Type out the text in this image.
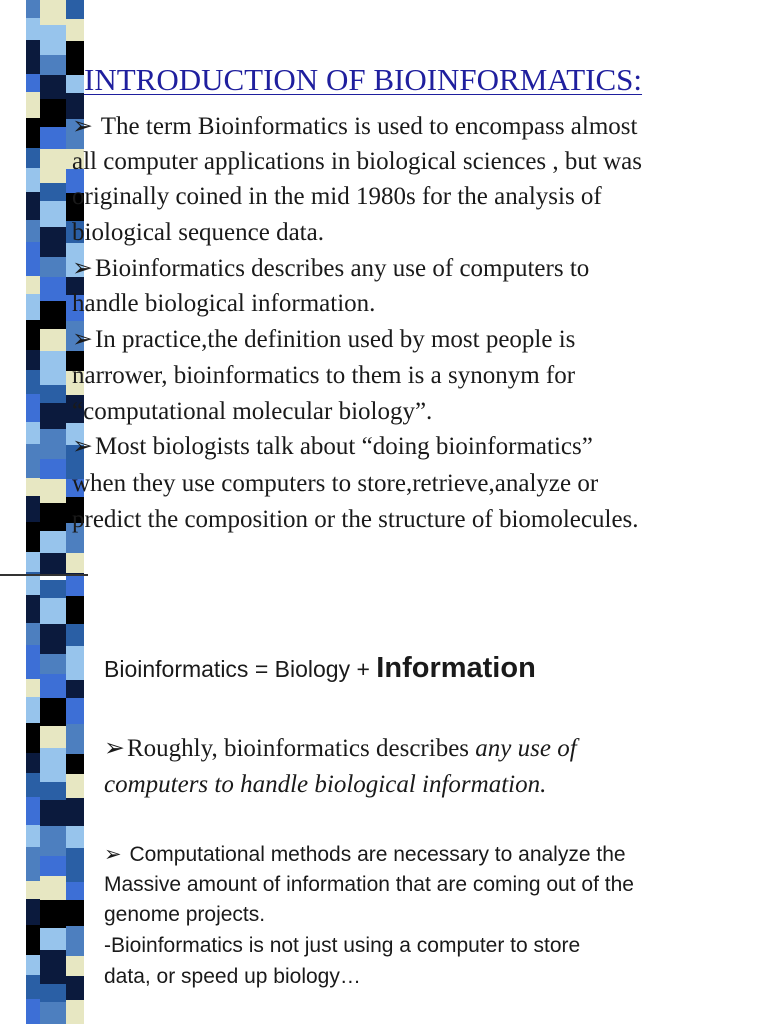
INTRODUCTION OF BIOINFORMATICS:
➢ The term Bioinformatics is used to encompass almost
all computer applications in biological sciences , but was
originally coined in the mid 1980s for the analysis of
biological sequence data.
➢Bioinformatics describes any use of computers to
handle biological information.
➢In practice,the definition used by most people is
narrower, bioinformatics to them is a synonym for
“computational molecular biology”.
➢Most biologists talk about “doing bioinformatics”
when they use computers to store,retrieve,analyze or
predict the composition or the structure of biomolecules.
Bioinformatics = Biology + Information
➢Roughly, bioinformatics describes any use of
computers to handle biological information.
➢ Computational methods are necessary to analyze the
Massive amount of information that are coming out of the
genome projects.
-Bioinformatics is not just using a computer to store
data, or speed up biology…
